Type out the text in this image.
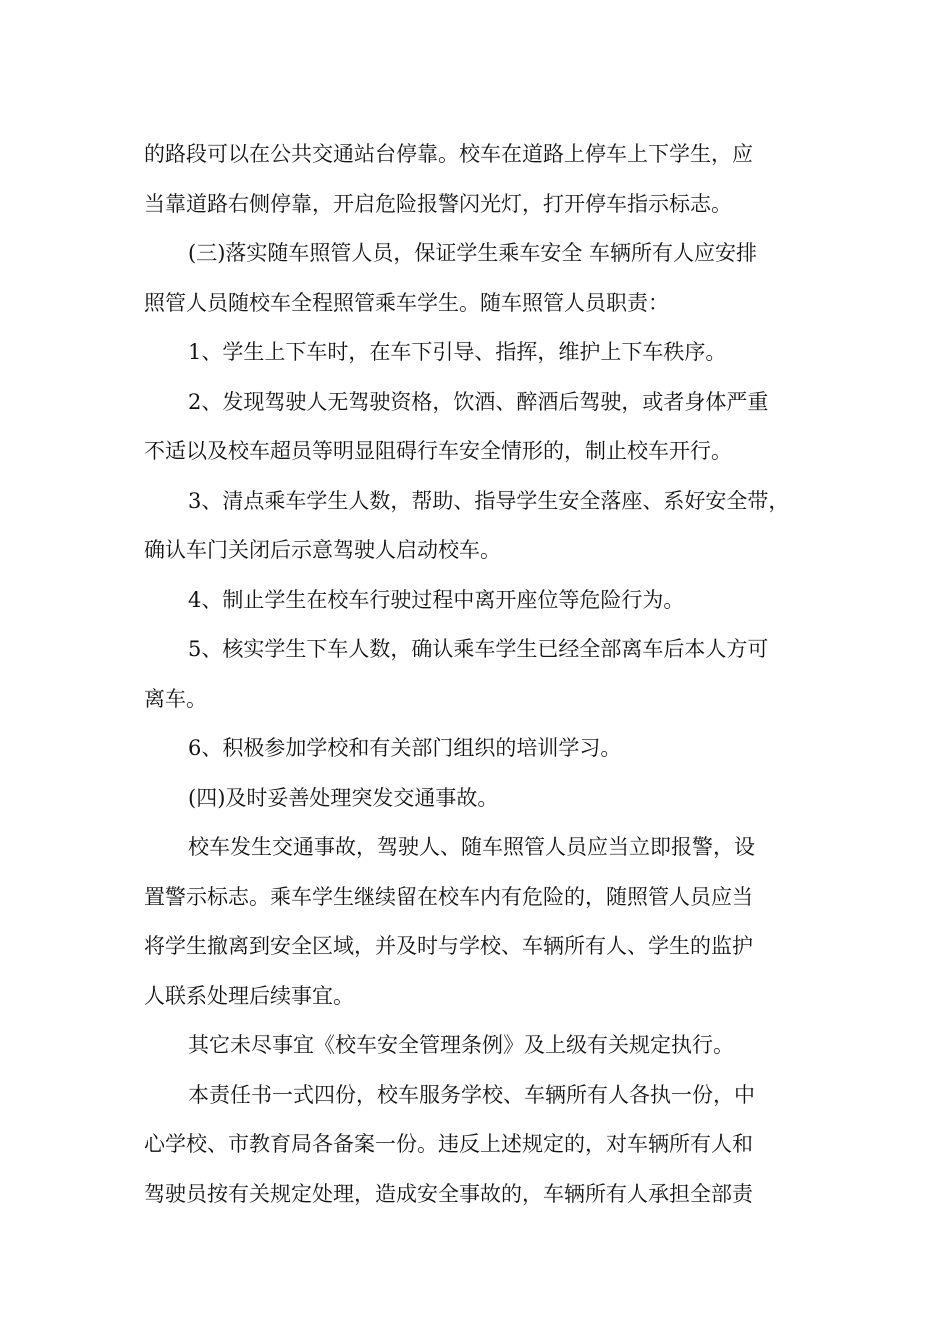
的路段可以在公共交通站台停靠。校车在道路上停车上下学生，应
当靠道路右侧停靠，开启危险报警闪光灯，打开停车指示标志。
(三)落实随车照管人员，保证学生乘车安全 车辆所有人应安排
照管人员随校车全程照管乘车学生。随车照管人员职责：
1、学生上下车时，在车下引导、指挥，维护上下车秩序。
2、发现驾驶人无驾驶资格，饮酒、醉酒后驾驶，或者身体严重
不适以及校车超员等明显阻碍行车安全情形的，制止校车开行。
3、清点乘车学生人数，帮助、指导学生安全落座、系好安全带，
确认车门关闭后示意驾驶人启动校车。
4、制止学生在校车行驶过程中离开座位等危险行为。
5、核实学生下车人数，确认乘车学生已经全部离车后本人方可
离车。
6、积极参加学校和有关部门组织的培训学习。
(四)及时妥善处理突发交通事故。
校车发生交通事故，驾驶人、随车照管人员应当立即报警，设
置警示标志。乘车学生继续留在校车内有危险的，随照管人员应当
将学生撤离到安全区域，并及时与学校、车辆所有人、学生的监护
人联系处理后续事宜。
其它未尽事宜《校车安全管理条例》及上级有关规定执行。
本责任书一式四份，校车服务学校、车辆所有人各执一份，中
心学校、市教育局各备案一份。违反上述规定的，对车辆所有人和
驾驶员按有关规定处理，造成安全事故的，车辆所有人承担全部责
